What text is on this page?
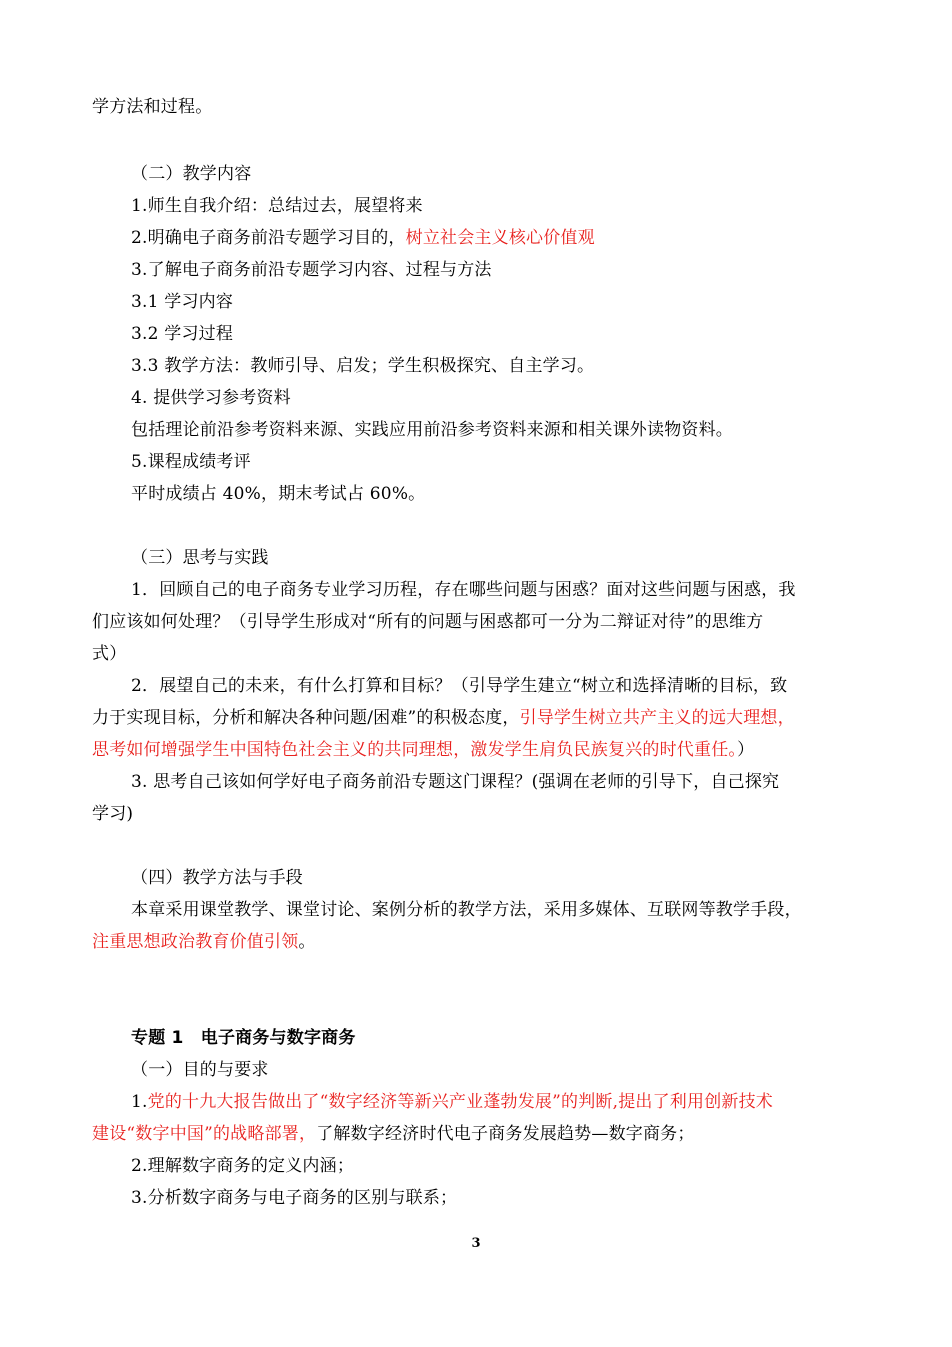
学方法和过程。
（二）教学内容
1.师生自我介绍：总结过去，展望将来
2.明确电子商务前沿专题学习目的，树立社会主义核心价值观
3.了解电子商务前沿专题学习内容、过程与方法
3.1 学习内容
3.2 学习过程
3.3 教学方法：教师引导、启发；学生积极探究、自主学习。
4. 提供学习参考资料
包括理论前沿参考资料来源、实践应用前沿参考资料来源和相关课外读物资料。
5.课程成绩考评
平时成绩占 40%，期末考试占 60%。
（三）思考与实践
1．回顾自己的电子商务专业学习历程，存在哪些问题与困惑？面对这些问题与困惑，我
们应该如何处理？（引导学生形成对“所有的问题与困惑都可一分为二辩证对待”的思维方
式）
2．展望自己的未来，有什么打算和目标？（引导学生建立“树立和选择清晰的目标，致
力于实现目标，分析和解决各种问题/困难”的积极态度，引导学生树立共产主义的远大理想，
思考如何增强学生中国特色社会主义的共同理想，激发学生肩负民族复兴的时代重任。）
3. 思考自己该如何学好电子商务前沿专题这门课程？(强调在老师的引导下，自己探究
学习)
（四）教学方法与手段
本章采用课堂教学、课堂讨论、案例分析的教学方法，采用多媒体、互联网等教学手段，
注重思想政治教育价值引领。
专题 1　电子商务与数字商务
（一）目的与要求
1.党的十九大报告做出了“数字经济等新兴产业蓬勃发展”的判断,提出了利用创新技术
建设“数字中国”的战略部署，了解数字经济时代电子商务发展趋势—数字商务；
2.理解数字商务的定义内涵；
3.分析数字商务与电子商务的区别与联系；
3
